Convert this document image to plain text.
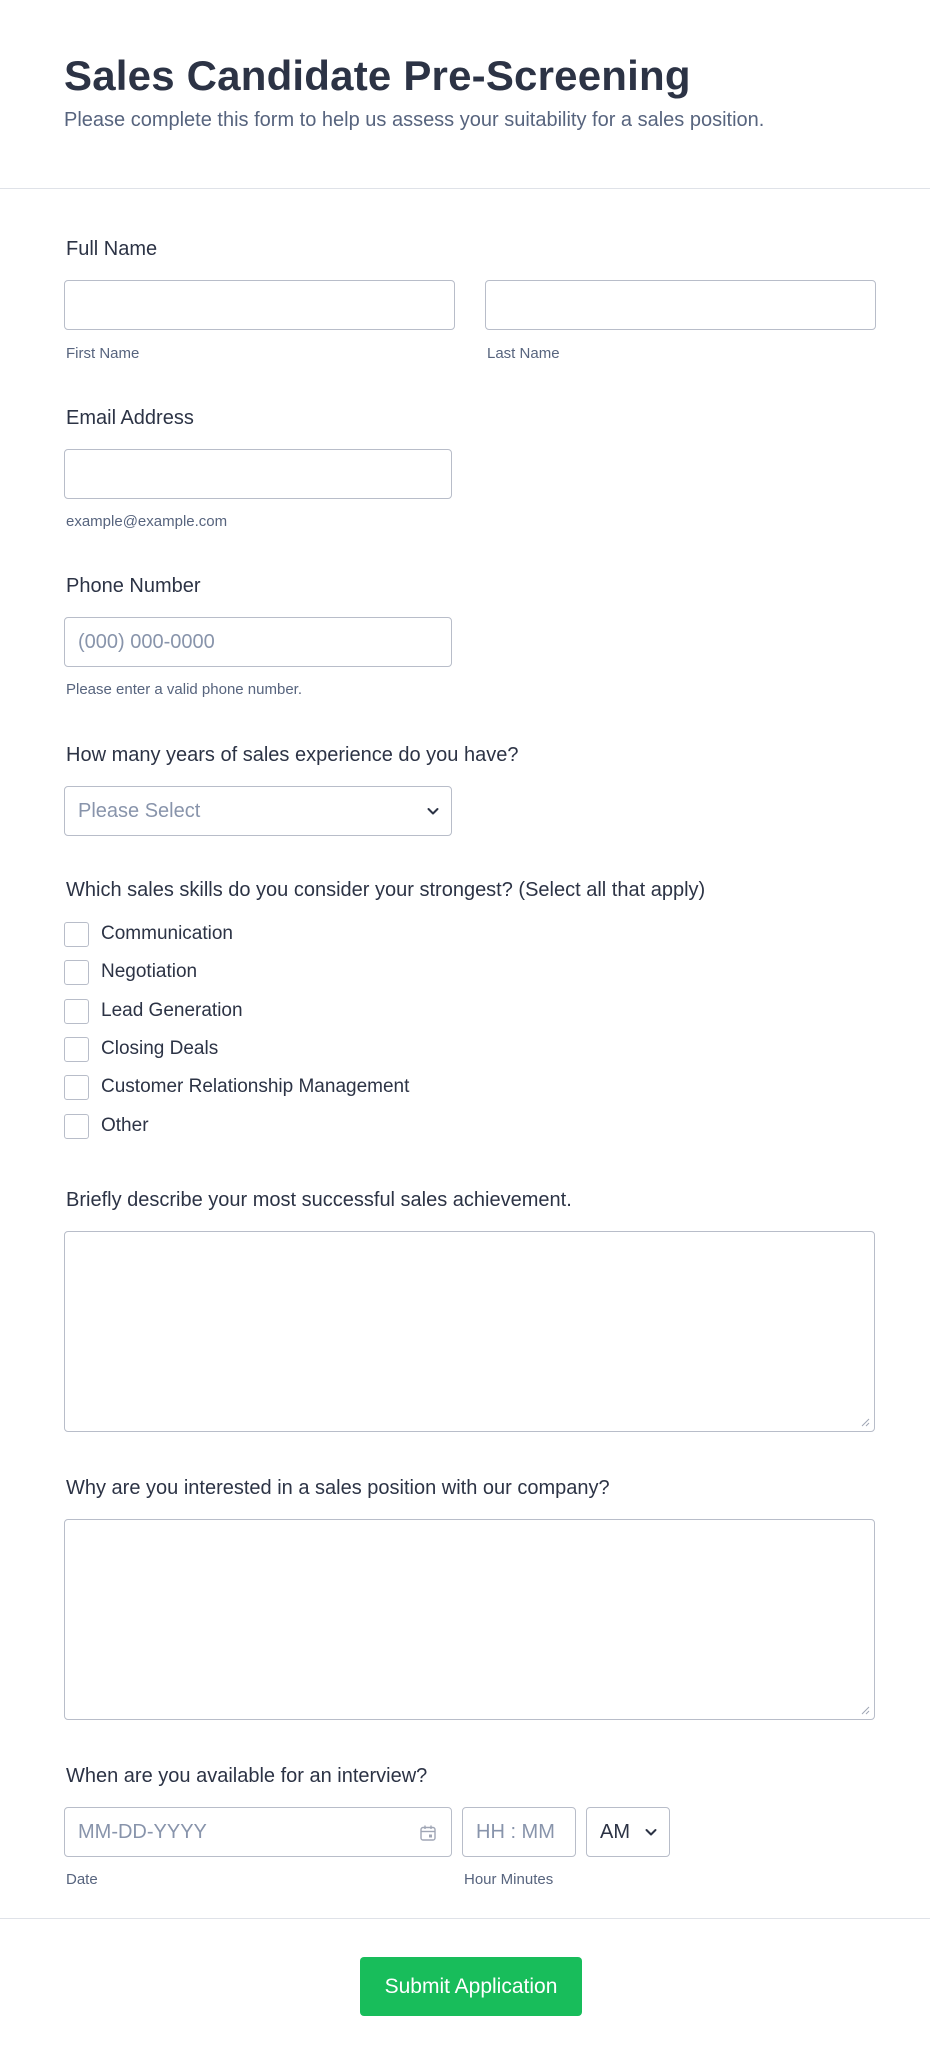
Sales Candidate Pre-Screening
Please complete this form to help us assess your suitability for a sales position.
Full Name
First Name	Last Name
Email Address
example@example.com
Phone Number
(000) 000-0000
Please enter a valid phone number.
How many years of sales experience do you have?
Please Select
Which sales skills do you consider your strongest? (Select all that apply)
Communication
Negotiation
Lead Generation
Closing Deals
Customer Relationship Management
Other
Briefly describe your most successful sales achievement.
Why are you interested in a sales position with our company?
When are you available for an interview?
MM-DD-YYYY	HH : MM	AM
Date	Hour Minutes
Submit Application
